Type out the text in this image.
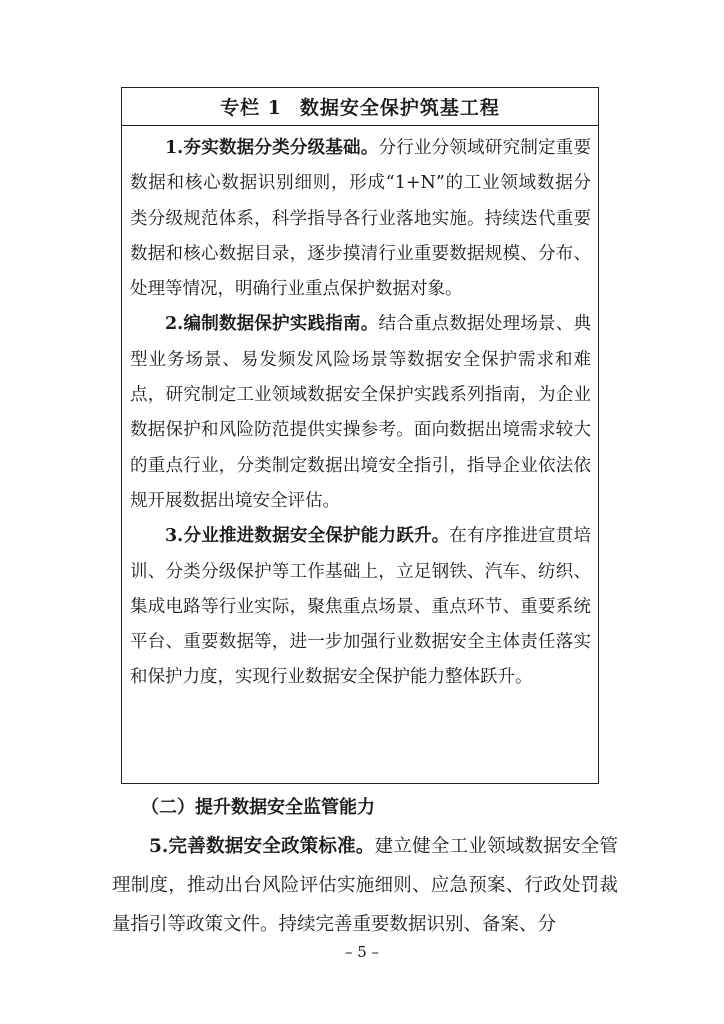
专栏 1 数据安全保护筑基工程

1.夯实数据分类分级基础。分行业分领域研究制定重要数据和核心数据识别细则，形成“1+N”的工业领域数据分类分级规范体系，科学指导各行业落地实施。持续迭代重要数据和核心数据目录，逐步摸清行业重要数据规模、分布、处理等情况，明确行业重点保护数据对象。

2.编制数据保护实践指南。结合重点数据处理场景、典型业务场景、易发频发风险场景等数据安全保护需求和难点，研究制定工业领域数据安全保护实践系列指南，为企业数据保护和风险防范提供实操参考。面向数据出境需求较大的重点行业，分类制定数据出境安全指引，指导企业依法依规开展数据出境安全评估。

3.分业推进数据安全保护能力跃升。在有序推进宣贯培训、分类分级保护等工作基础上，立足钢铁、汽车、纺织、集成电路等行业实际，聚焦重点场景、重点环节、重要系统平台、重要数据等，进一步加强行业数据安全主体责任落实和保护力度，实现行业数据安全保护能力整体跃升。

（二）提升数据安全监管能力

5.完善数据安全政策标准。建立健全工业领域数据安全管理制度，推动出台风险评估实施细则、应急预案、行政处罚裁量指引等政策文件。持续完善重要数据识别、备案、分

– 5 –
